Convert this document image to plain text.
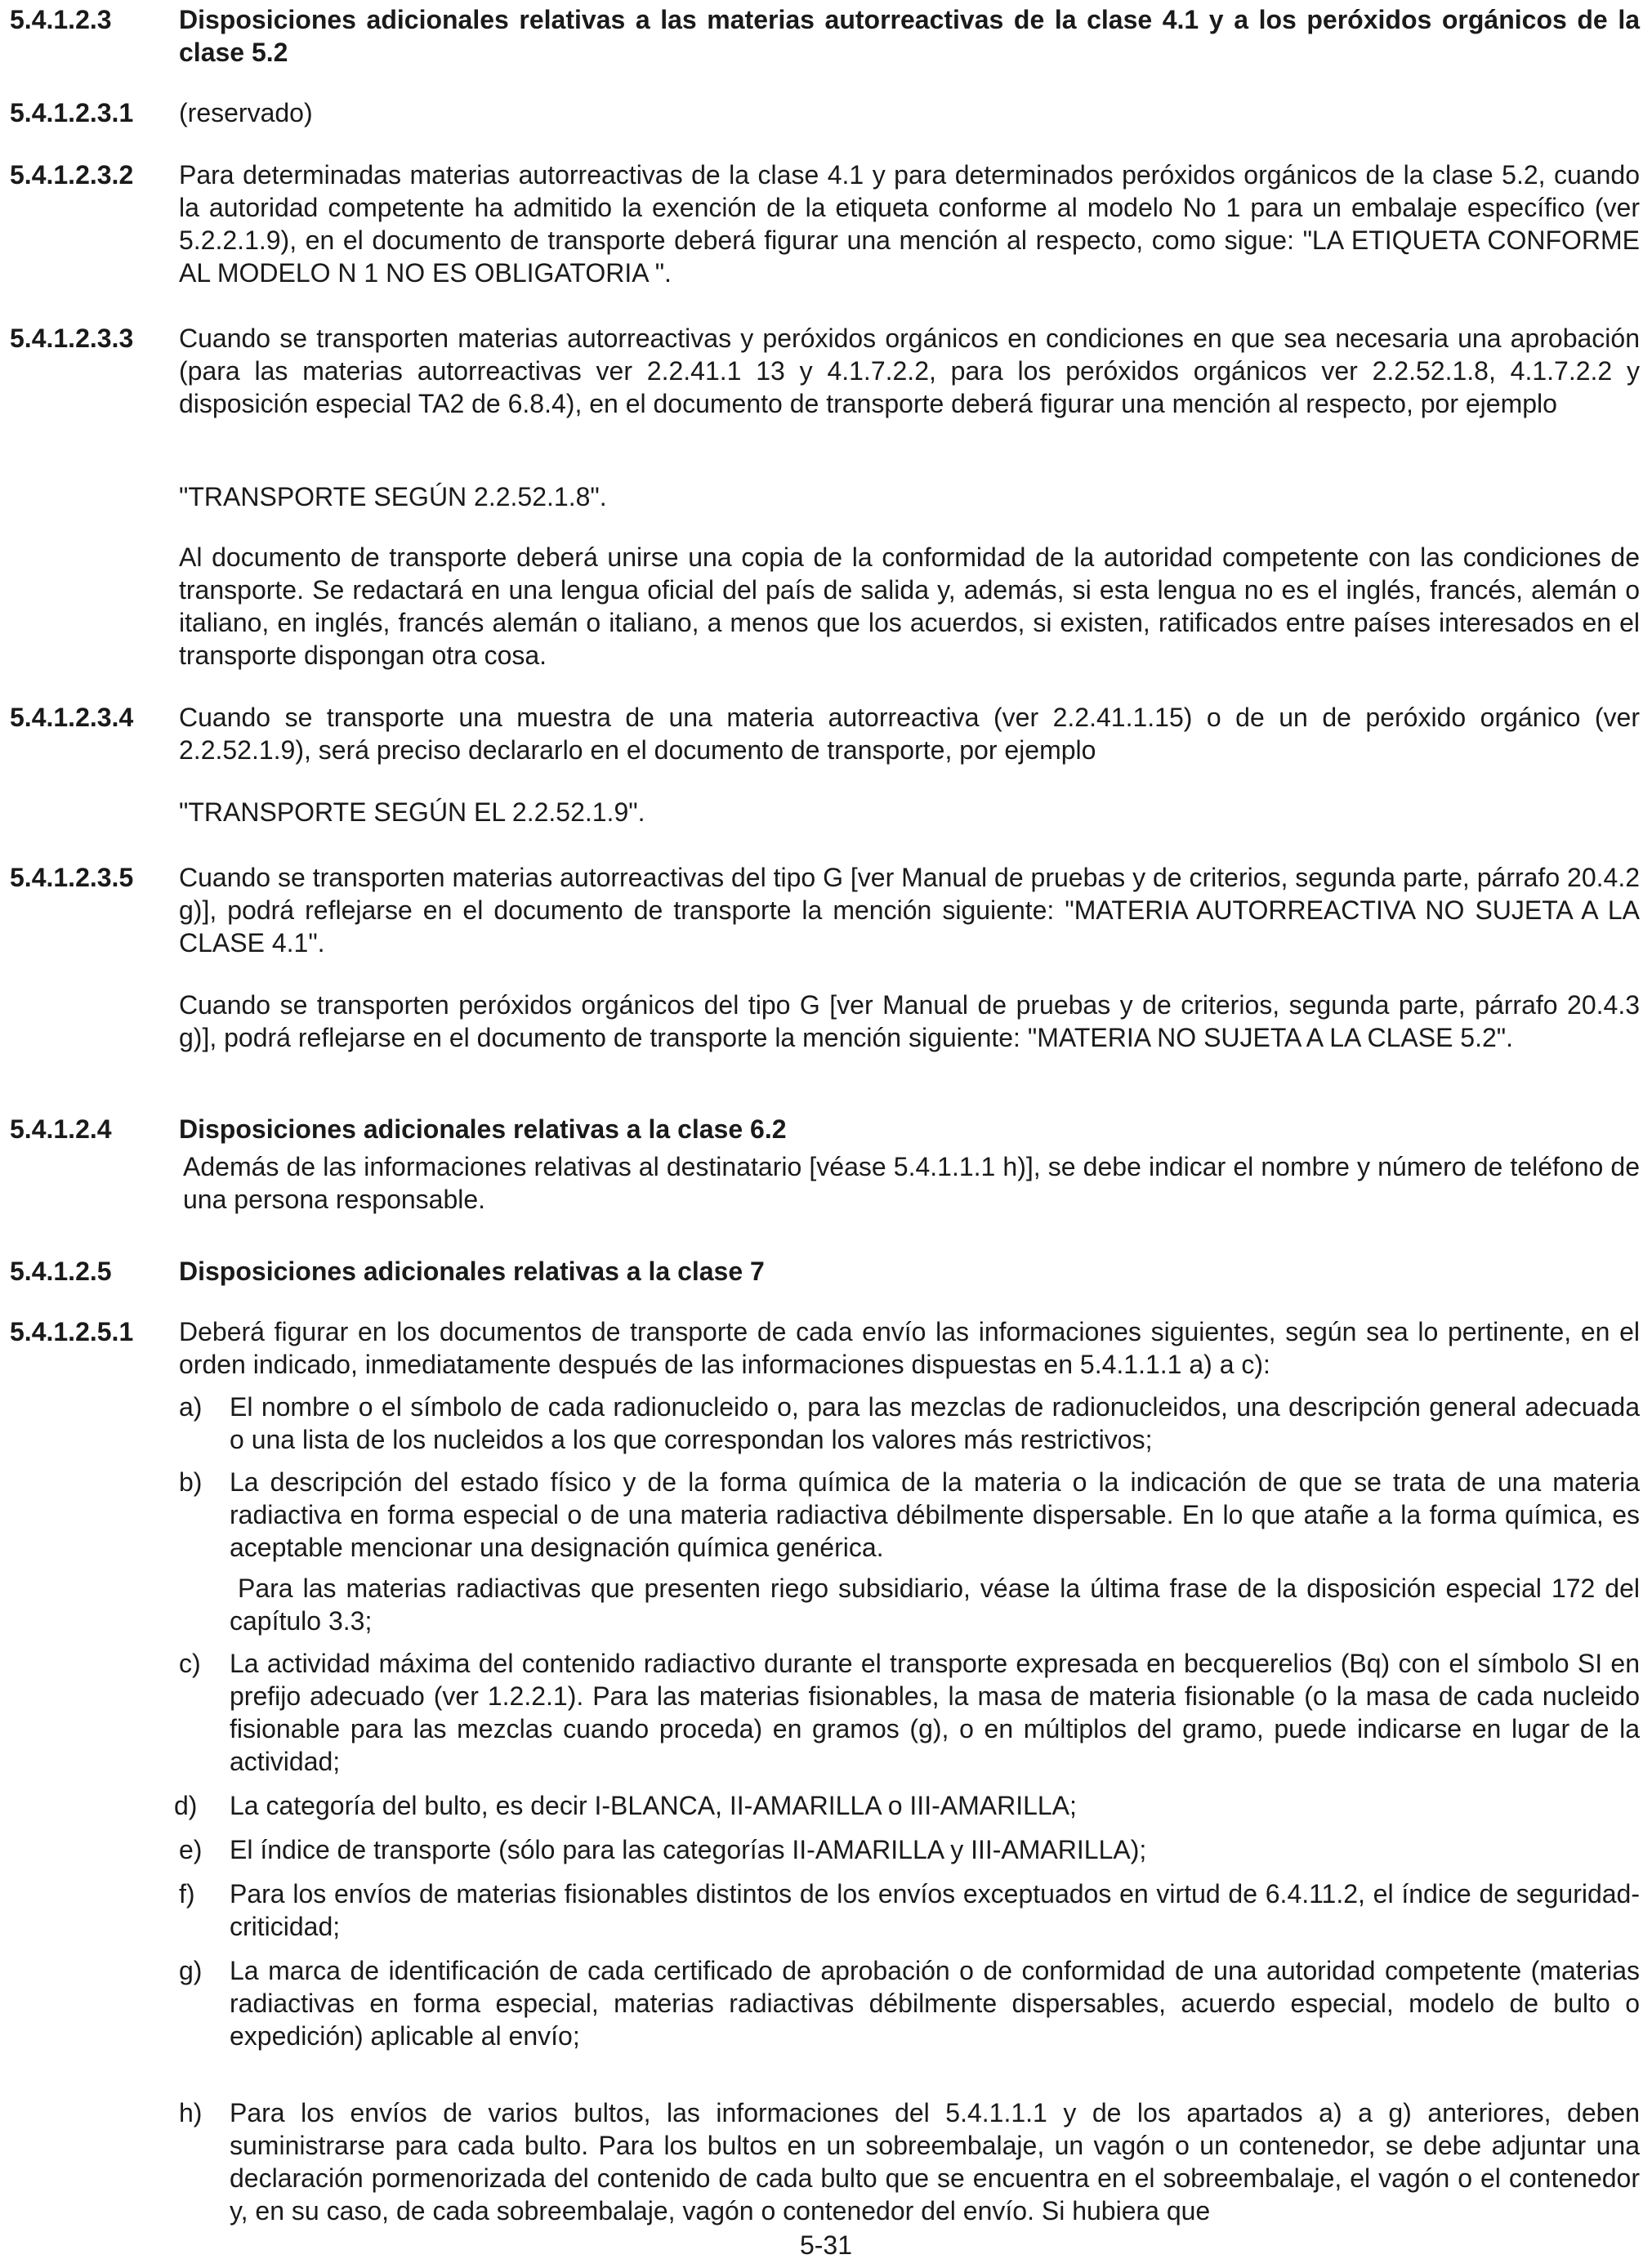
5.4.1.2.3	Disposiciones adicionales relativas a las materias autorreactivas de la clase 4.1 y a los peróxidos orgánicos de la clase 5.2
5.4.1.2.3.1 (reservado)
5.4.1.2.3.2 Para determinadas materias autorreactivas de la clase 4.1 y para determinados peróxidos orgánicos de la clase 5.2, cuando la autoridad competente ha admitido la exención de la etiqueta conforme al modelo No 1 para un embalaje específico (ver 5.2.2.1.9), en el documento de transporte deberá figurar una mención al respecto, como sigue: "LA ETIQUETA CONFORME AL MODELO N 1 NO ES OBLIGATORIA ".
5.4.1.2.3.3 Cuando se transporten materias autorreactivas y peróxidos orgánicos en condiciones en que sea necesaria una aprobación (para las materias autorreactivas ver 2.2.41.1 13 y 4.1.7.2.2, para los peróxidos orgánicos ver 2.2.52.1.8, 4.1.7.2.2 y disposición especial TA2 de 6.8.4), en el documento de transporte deberá figurar una mención al respecto, por ejemplo
"TRANSPORTE SEGÚN 2.2.52.1.8".
Al documento de transporte deberá unirse una copia de la conformidad de la autoridad competente con las condiciones de transporte. Se redactará en una lengua oficial del país de salida y, además, si esta lengua no es el inglés, francés, alemán o italiano, en inglés, francés alemán o italiano, a menos que los acuerdos, si existen, ratificados entre países interesados en el transporte dispongan otra cosa.
5.4.1.2.3.4 Cuando se transporte una muestra de una materia autorreactiva (ver 2.2.41.1.15) o de un de peróxido orgánico (ver 2.2.52.1.9), será preciso declararlo en el documento de transporte, por ejemplo
"TRANSPORTE SEGÚN EL 2.2.52.1.9".
5.4.1.2.3.5 Cuando se transporten materias autorreactivas del tipo G [ver Manual de pruebas y de criterios, segunda parte, párrafo 20.4.2 g)], podrá reflejarse en el documento de transporte la mención siguiente: "MATERIA AUTORREACTIVA NO SUJETA A LA CLASE 4.1".
Cuando se transporten peróxidos orgánicos del tipo G [ver Manual de pruebas y de criterios, segunda parte, párrafo 20.4.3 g)], podrá reflejarse en el documento de transporte la mención siguiente: "MATERIA NO SUJETA A LA CLASE 5.2".
5.4.1.2.4	Disposiciones adicionales relativas a la clase 6.2
Además de las informaciones relativas al destinatario [véase 5.4.1.1.1 h)], se debe indicar el nombre y número de teléfono de una persona responsable.
5.4.1.2.5	Disposiciones adicionales relativas a la clase 7
5.4.1.2.5.1 Deberá figurar en los documentos de transporte de cada envío las informaciones siguientes, según sea lo pertinente, en el orden indicado, inmediatamente después de las informaciones dispuestas en 5.4.1.1.1 a) a c):
a) El nombre o el símbolo de cada radionucleido o, para las mezclas de radionucleidos, una descripción general adecuada o una lista de los nucleidos a los que correspondan los valores más restrictivos;
b) La descripción del estado físico y de la forma química de la materia o la indicación de que se trata de una materia radiactiva en forma especial o de una materia radiactiva débilmente dispersable. En lo que atañe a la forma química, es aceptable mencionar una designación química genérica.
Para las materias radiactivas que presenten riego subsidiario, véase la última frase de la disposición especial 172 del capítulo 3.3;
c) La actividad máxima del contenido radiactivo durante el transporte expresada en becquerelios (Bq) con el símbolo SI en prefijo adecuado (ver 1.2.2.1). Para las materias fisionables, la masa de materia fisionable (o la masa de cada nucleido fisionable para las mezclas cuando proceda) en gramos (g), o en múltiplos del gramo, puede indicarse en lugar de la actividad;
d) La categoría del bulto, es decir I-BLANCA, II-AMARILLA o III-AMARILLA;
e) El índice de transporte (sólo para las categorías II-AMARILLA y III-AMARILLA);
f) Para los envíos de materias fisionables distintos de los envíos exceptuados en virtud de 6.4.11.2, el índice de seguridad-criticidad;
g) La marca de identificación de cada certificado de aprobación o de conformidad de una autoridad competente (materias radiactivas en forma especial, materias radiactivas débilmente dispersables, acuerdo especial, modelo de bulto o expedición) aplicable al envío;
h) Para los envíos de varios bultos, las informaciones del 5.4.1.1.1 y de los apartados a) a g) anteriores, deben suministrarse para cada bulto. Para los bultos en un sobreembalaje, un vagón o un contenedor, se debe adjuntar una declaración pormenorizada del contenido de cada bulto que se encuentra en el sobreembalaje, el vagón o el contenedor y, en su caso, de cada sobreembalaje, vagón o contenedor del envío. Si hubiera que
5-31
